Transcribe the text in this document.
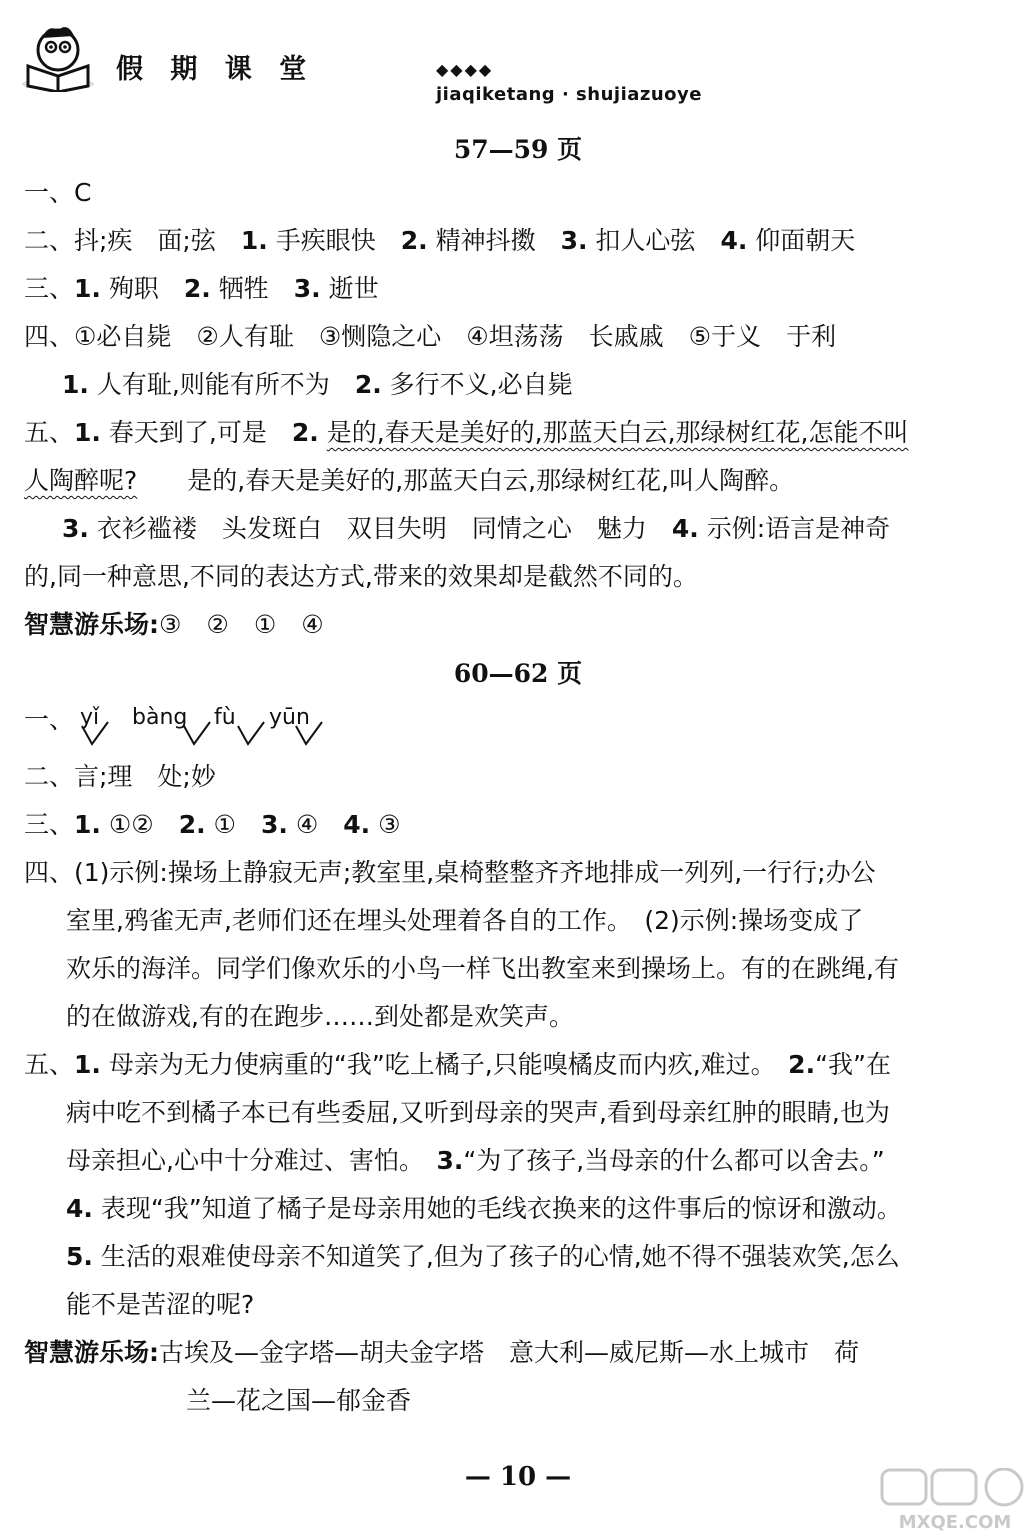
假 期 课 堂	◆◆◆◆
jiaqiketang · shujiazuoye
57—59 页
一、C
二、抖;疾　面;弦　1. 手疾眼快　2. 精神抖擞　3. 扣人心弦　4. 仰面朝天
三、1. 殉职　2. 牺牲　3. 逝世
四、①必自毙　②人有耻　③恻隐之心　④坦荡荡　长戚戚　⑤于义　于利
1. 人有耻,则能有所不为　2. 多行不义,必自毙
五、1. 春天到了,可是　2. 是的,春天是美好的,那蓝天白云,那绿树红花,怎能不叫
人陶醉呢?　　是的,春天是美好的,那蓝天白云,那绿树红花,叫人陶醉。
3. 衣衫褴褛　头发斑白　双目失明　同情之心　魅力　4. 示例:语言是神奇
的,同一种意思,不同的表达方式,带来的效果却是截然不同的。
智慧游乐场:③　②　①　④
60—62 页
一、 yǐ bàng fù yūn
二、言;理　处;妙
三、1. ①②　2. ①　3. ④　4. ③
四、(1)示例:操场上静寂无声;教室里,桌椅整整齐齐地排成一列列,一行行;办公
室里,鸦雀无声,老师们还在埋头处理着各自的工作。　(2)示例:操场变成了
欢乐的海洋。同学们像欢乐的小鸟一样飞出教室来到操场上。有的在跳绳,有
的在做游戏,有的在跑步……到处都是欢笑声。
五、1. 母亲为无力使病重的“我”吃上橘子,只能嗅橘皮而内疚,难过。　2.“我”在
病中吃不到橘子本已有些委屈,又听到母亲的哭声,看到母亲红肿的眼睛,也为
母亲担心,心中十分难过、害怕。　3.“为了孩子,当母亲的什么都可以舍去。”
4. 表现“我”知道了橘子是母亲用她的毛线衣换来的这件事后的惊讶和激动。
5. 生活的艰难使母亲不知道笑了,但为了孩子的心情,她不得不强装欢笑,怎么
能不是苦涩的呢?
智慧游乐场:古埃及—金字塔—胡夫金字塔　意大利—威尼斯—水上城市　荷
兰—花之国—郁金香
— 10 —
MXQE.COM
